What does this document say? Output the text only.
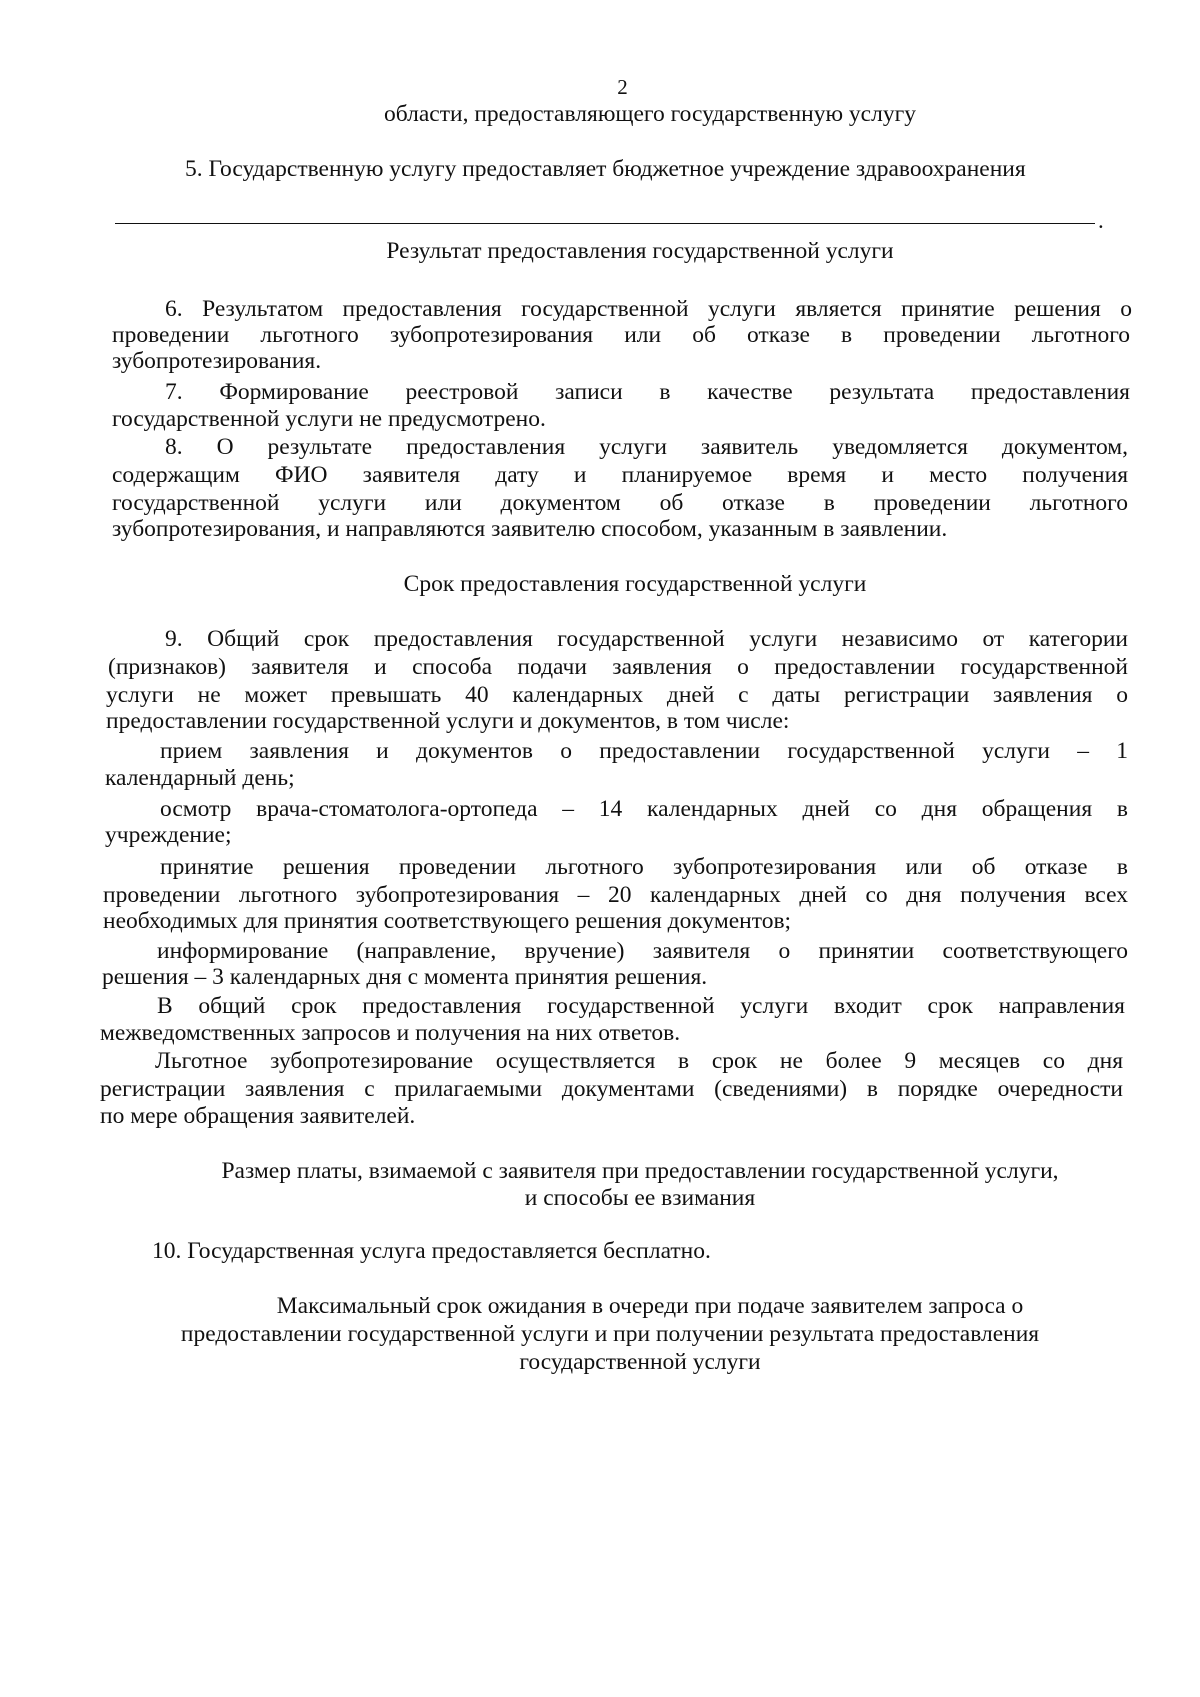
2
области, предоставляющего государственную услугу
5. Государственную услугу предоставляет бюджетное учреждение здравоохранения
.
Результат предоставления государственной услуги
6. Результатом предоставления государственной услуги является принятие решения о
проведении льготного зубопротезирования или об отказе в проведении льготного
зубопротезирования.
7. Формирование реестровой записи в качестве результата предоставления
государственной услуги не предусмотрено.
8. О результате предоставления услуги заявитель уведомляется документом,
содержащим ФИО заявителя дату и планируемое время и место получения
государственной услуги или документом об отказе в проведении льготного
зубопротезирования, и направляются заявителю способом, указанным в заявлении.
Срок предоставления государственной услуги
9. Общий срок предоставления государственной услуги независимо от категории
(признаков) заявителя и способа подачи заявления о предоставлении государственной
услуги не может превышать 40 календарных дней с даты регистрации заявления о
предоставлении государственной услуги и документов, в том числе:
прием заявления и документов о предоставлении государственной услуги – 1
календарный день;
осмотр врача-стоматолога-ортопеда – 14 календарных дней со дня обращения в
учреждение;
принятие решения проведении льготного зубопротезирования или об отказе в
проведении льготного зубопротезирования – 20 календарных дней со дня получения всех
необходимых для принятия соответствующего решения документов;
информирование (направление, вручение) заявителя о принятии соответствующего
решения – 3 календарных дня с момента принятия решения.
В общий срок предоставления государственной услуги входит срок направления
межведомственных запросов и получения на них ответов.
Льготное зубопротезирование осуществляется в срок не более 9 месяцев со дня
регистрации заявления с прилагаемыми документами (сведениями) в порядке очередности
по мере обращения заявителей.
Размер платы, взимаемой с заявителя при предоставлении государственной услуги,
и способы ее взимания
10. Государственная услуга предоставляется бесплатно.
Максимальный срок ожидания в очереди при подаче заявителем запроса о
предоставлении государственной услуги и при получении результата предоставления
государственной услуги
